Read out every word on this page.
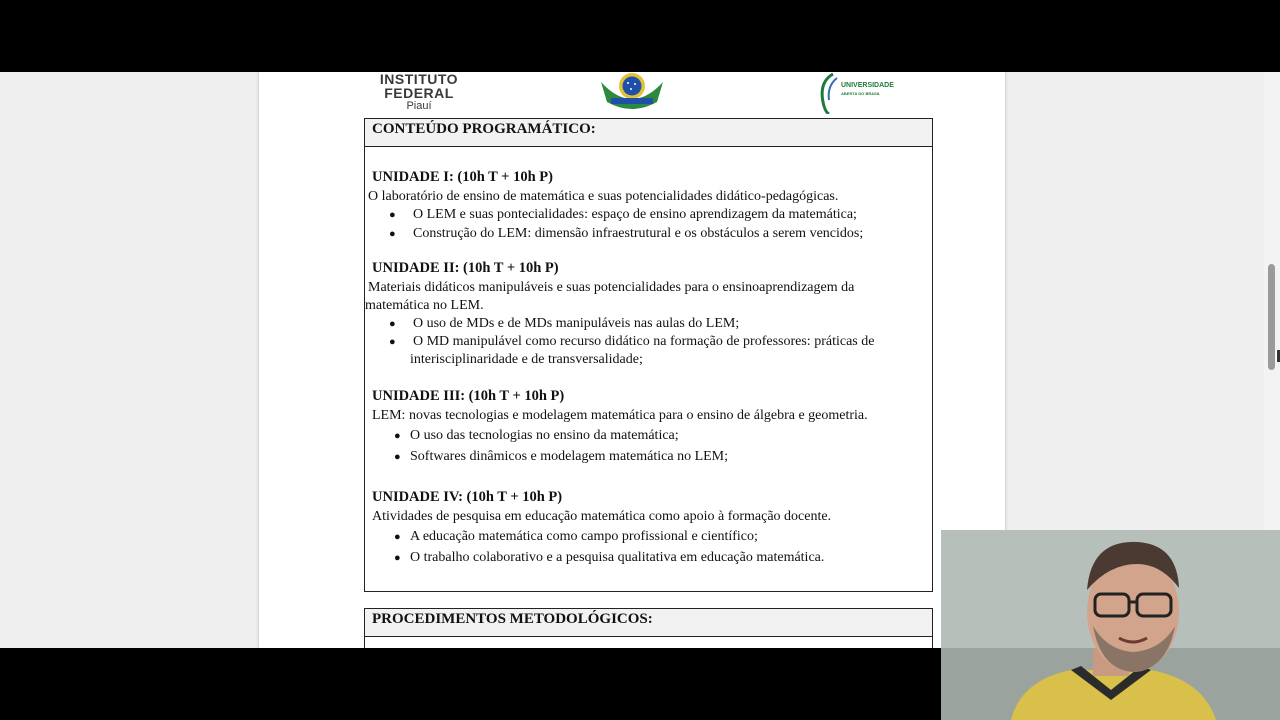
INSTITUTO
FEDERAL
Piauí
UNIVERSIDADE
ABERTA DO BRASIL
CONTEÚDO PROGRAMÁTICO:
UNIDADE I: (10h T + 10h P)
O laboratório de ensino de matemática e suas potencialidades didático-pedagógicas.
● O LEM e suas pontecialidades: espaço de ensino aprendizagem da matemática;
● Construção do LEM: dimensão infraestrutural e os obstáculos a serem vencidos;
UNIDADE II: (10h T + 10h P)
Materiais didáticos manipuláveis e suas potencialidades para o ensinoaprendizagem da
matemática no LEM.
● O uso de MDs e de MDs manipuláveis nas aulas do LEM;
● O MD manipulável como recurso didático na formação de professores: práticas de
interisciplinaridade e de transversalidade;
UNIDADE III: (10h T + 10h P)
LEM: novas tecnologias e modelagem matemática para o ensino de álgebra e geometria.
● O uso das tecnologias no ensino da matemática;
● Softwares dinâmicos e modelagem matemática no LEM;
UNIDADE IV: (10h T + 10h P)
Atividades de pesquisa em educação matemática como apoio à formação docente.
● A educação matemática como campo profissional e científico;
● O trabalho colaborativo e a pesquisa qualitativa em educação matemática.
PROCEDIMENTOS METODOLÓGICOS:
